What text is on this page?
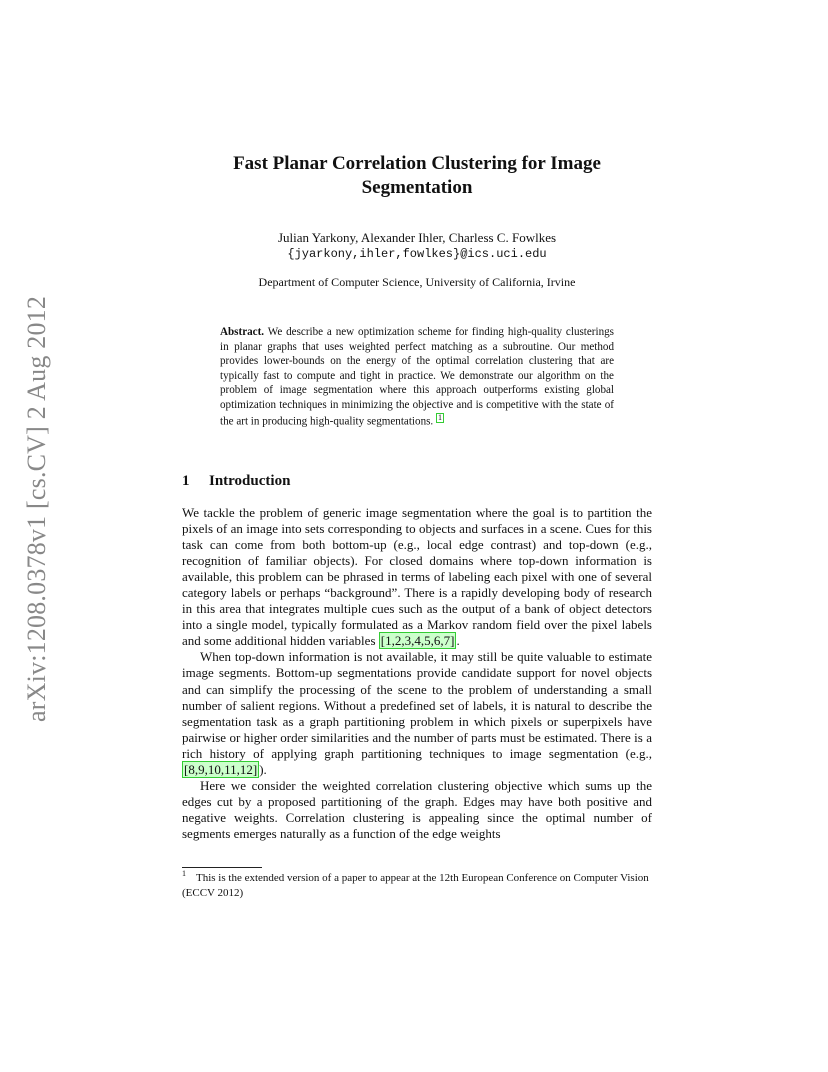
arXiv:1208.0378v1 [cs.CV] 2 Aug 2012
Fast Planar Correlation Clustering for Image Segmentation
Julian Yarkony, Alexander Ihler, Charless C. Fowlkes
{jyarkony,ihler,fowlkes}@ics.uci.edu
Department of Computer Science, University of California, Irvine
Abstract. We describe a new optimization scheme for finding high-quality clusterings in planar graphs that uses weighted perfect matching as a subroutine. Our method provides lower-bounds on the energy of the optimal correlation clustering that are typically fast to compute and tight in practice. We demonstrate our algorithm on the problem of image segmentation where this approach outperforms existing global optimization techniques in minimizing the objective and is competitive with the state of the art in producing high-quality segmentations. 1
1 Introduction

We tackle the problem of generic image segmentation where the goal is to partition the pixels of an image into sets corresponding to objects and surfaces in a scene. Cues for this task can come from both bottom-up (e.g., local edge contrast) and top-down (e.g., recognition of familiar objects). For closed domains where top-down information is available, this problem can be phrased in terms of labeling each pixel with one of several category labels or perhaps “background”. There is a rapidly developing body of research in this area that integrates multiple cues such as the output of a bank of object detectors into a single model, typically formulated as a Markov random field over the pixel labels and some additional hidden variables [1,2,3,4,5,6,7] .

When top-down information is not available, it may still be quite valuable to estimate image segments. Bottom-up segmentations provide candidate support for novel objects and can simplify the processing of the scene to the problem of understanding a small number of salient regions. Without a predefined set of labels, it is natural to describe the segmentation task as a graph partitioning problem in which pixels or superpixels have pairwise or higher order similarities and the number of parts must be estimated. There is a rich history of applying graph partitioning techniques to image segmentation (e.g., [8,9,10,11,12] ).

Here we consider the weighted correlation clustering objective which sums up the edges cut by a proposed partitioning of the graph. Edges may have both positive and negative weights. Correlation clustering is appealing since the optimal number of segments emerges naturally as a function of the edge weights

1 This is the extended version of a paper to appear at the 12th European Conference on Computer Vision (ECCV 2012)
